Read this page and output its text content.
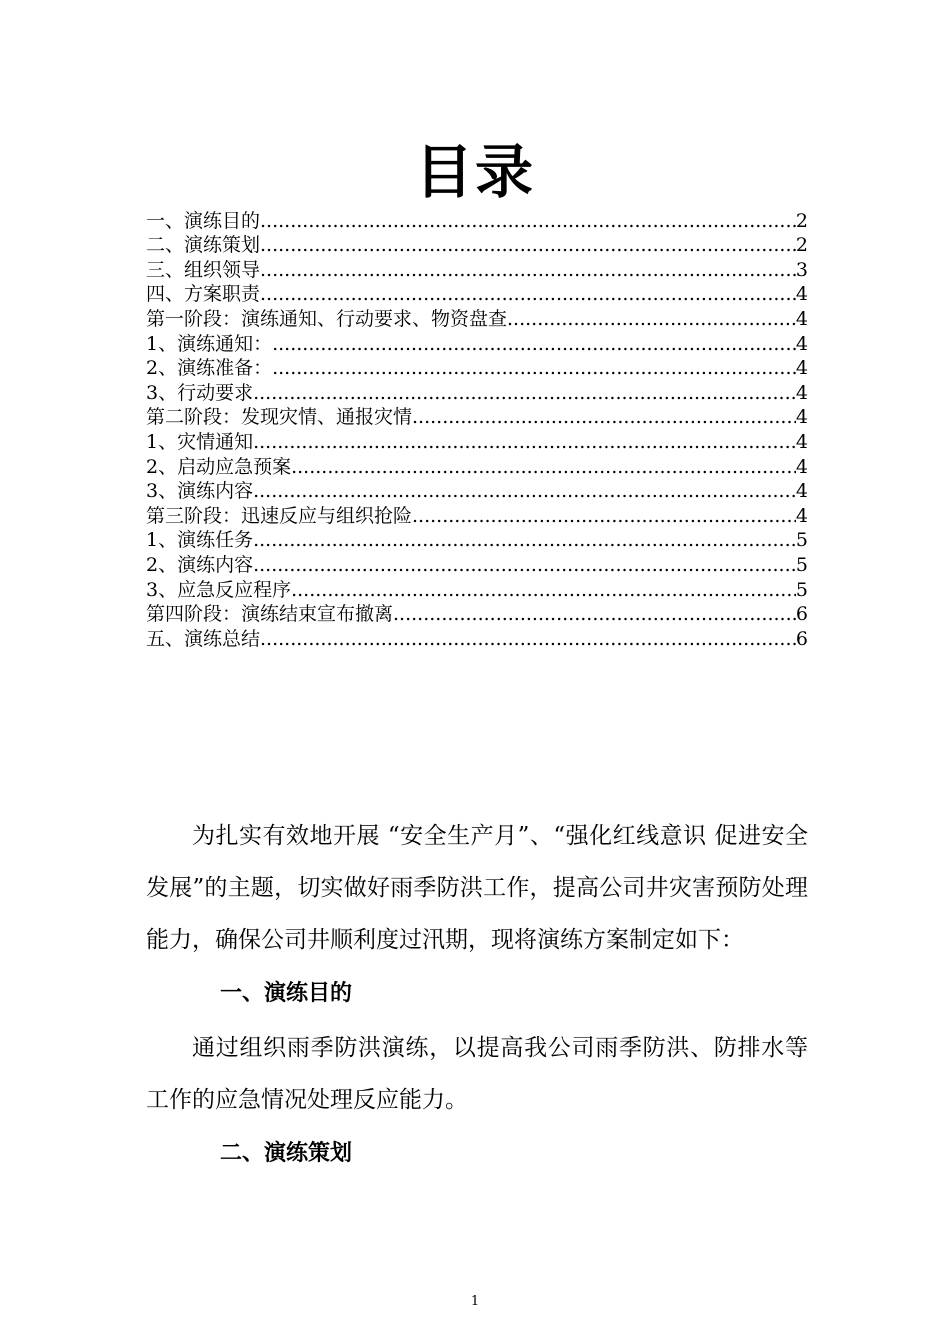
目录
一、演练目的 .....	2
二、演练策划 .....	2
三、组织领导 .....	3
四、方案职责 .....	4
第一阶段：演练通知、行动要求、物资盘查 .....	4
1、演练通知： .....	4
2、演练准备： .....	4
3、行动要求 .....	4
第二阶段：发现灾情、通报灾情 .....	4
1、灾情通知 .....	4
2、启动应急预案 .....	4
3、演练内容 .....	4
第三阶段：迅速反应与组织抢险 .....	4
1、演练任务 .....	5
2、演练内容 .....	5
3、应急反应程序 .....	5
第四阶段：演练结束宣布撤离 .....	6
五、演练总结 .....	6

为扎实有效地开展 “安全生产月”、“强化红线意识 促进安全发展”的主题，切实做好雨季防洪工作，提高公司井灾害预防处理能力，确保公司井顺利度过汛期，现将演练方案制定如下：

一、演练目的

通过组织雨季防洪演练，以提高我公司雨季防洪、防排水等工作的应急情况处理反应能力。

二、演练策划
1
